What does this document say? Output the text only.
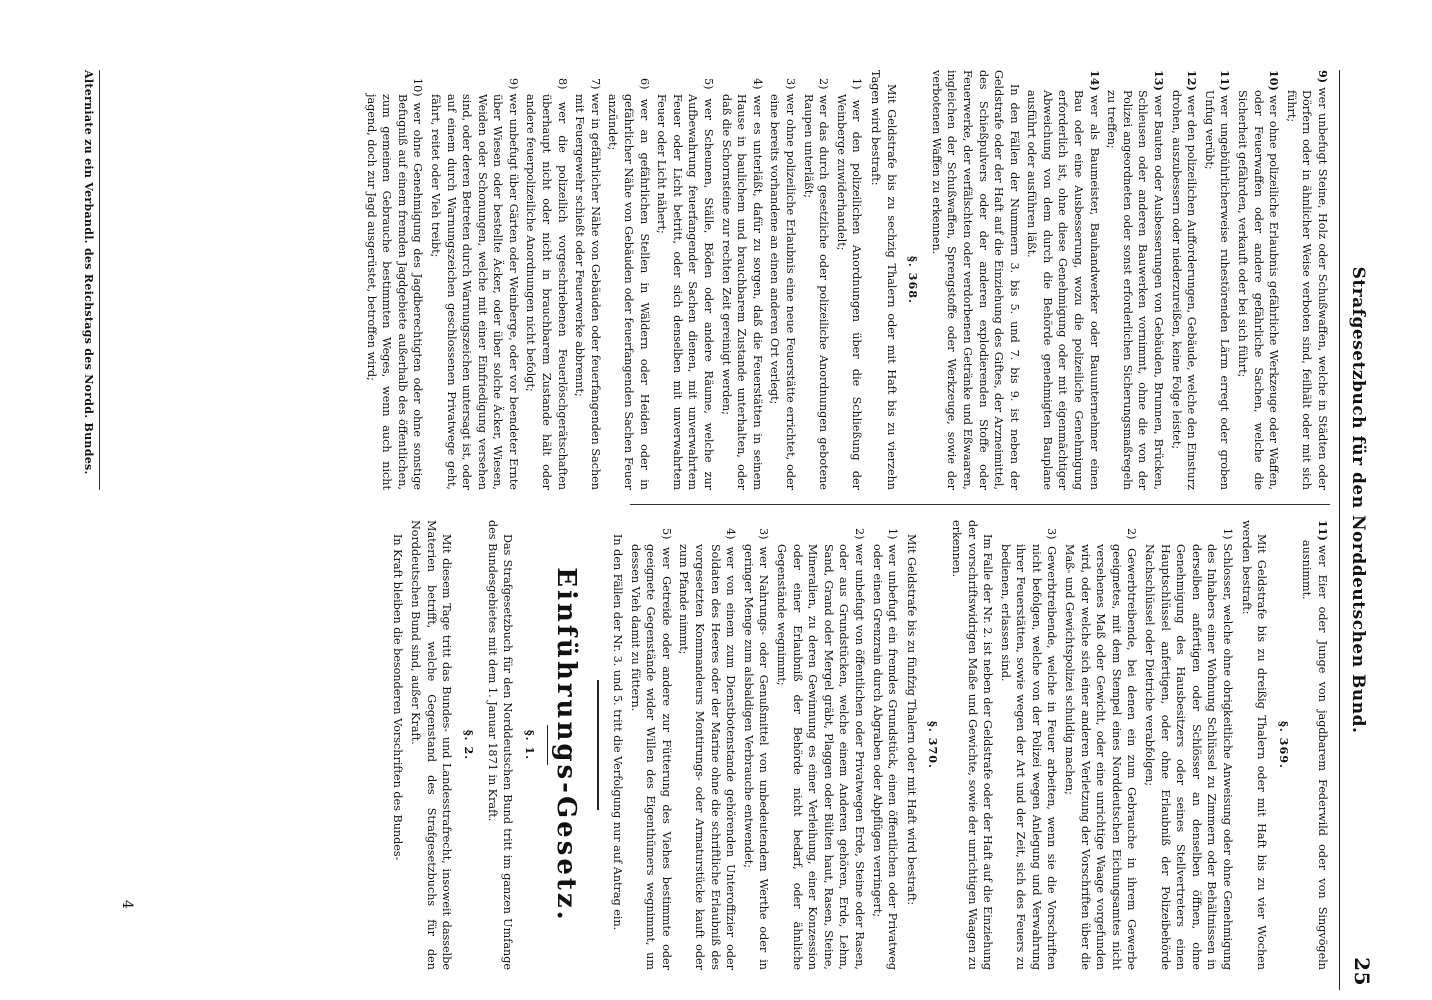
Strafgesetzbuch für den Norddeutschen Bund.
25
9)wer unbefugt Steine, Holz oder Schußwaffen, welche in Städten oder Dörfern oder in ähnlicher Weise verboten sind, feilhält oder mit sich führt;
10)wer ohne polizeiliche Erlaubnis gefährliche Werkzeuge oder Waffen, oder Feuerwaffen oder andere gefährliche Sachen, welche die Sicherheit gefährden, verkauft oder bei sich führt;
11)wer ungebührlicherweise ruhestörenden Lärm erregt oder groben Unfug verübt;
12)wer den polizeilichen Aufforderungen, Gebäude, welche den Einsturz drohen, auszubessern oder niederzureißen, keine Folge leistet;
13)wer Bauten oder Ausbesserungen von Gebäuden, Brunnen, Brücken, Schleusen oder anderen Bauwerken vornimmt, ohne die von der Polizei angeordneten oder sonst erforderlichen Sicherungsmaßregeln zu treffen;
14)wer als Baumeister, Bauhandwerker oder Bauunternehmer einen Bau oder eine Ausbesserung, wozu die polizeiliche Genehmigung erforderlich ist, ohne diese Genehmigung oder mit eigenmächtiger Abweichung von dem durch die Behörde genehmigten Bauplane ausführt oder ausführen läßt.

In den Fällen der Nummern 3. bis 5. und 7. bis 9. ist neben der Geldstrafe oder der Haft auf die Einziehung des Giftes, der Arzneimittel, des Schießpulvers oder der anderen explodierenden Stoffe oder Feuerwerke, der verfälschten oder verdorbenen Getränke und Eßwaaren, ingleichen der Schußwaffen, Sprengstoffe oder Werkzeuge, sowie der verbotenen Waffen zu erkennen.

§. 368.

Mit Geldstrafe bis zu sechzig Thalern oder mit Haft bis zu vierzehn Tagen wird bestraft:

1) wer den polizeilichen Anordnungen über die Schließung der Weinberge zuwiderhandelt;
2) wer das durch gesetzliche oder polizeiliche Anordnungen gebotene Raupen unterläßt;
3) wer ohne polizeiliche Erlaubnis eine neue Feuerstätte errichtet, oder eine bereits vorhandene an einen anderen Ort verlegt;
4) wer es unterläßt, dafür zu sorgen, daß die Feuerstätten in seinem Hause in baulichem und brauchbarem Zustande unterhalten, oder daß die Schornsteine zur rechten Zeit gereinigt werden;
5) wer Scheunen, Ställe, Böden oder andere Räume, welche zur Aufbewahrung feuerfangender Sachen dienen, mit unverwahrtem Feuer oder Licht betritt, oder sich denselben mit unverwahrtem Feuer oder Licht nähert;
6) wer an gefährlichen Stellen in Wäldern oder Heiden oder in gefährlicher Nähe von Gebäuden oder feuerfangenden Sachen Feuer anzündet;
7) wer in gefährlicher Nähe von Gebäuden oder feuerfangenden Sachen mit Feuergewehr schießt oder Feuerwerke abbrennt;
8) wer die polizeilich vorgeschriebenen Feuerlöschgerätschaften überhaupt nicht oder nicht in brauchbarem Zustande hält oder andere feuerpolizeiliche Anordnungen nicht befolgt;
9) wer unbefugt über Gärten oder Weinberge, oder vor beendeter Ernte über Wiesen oder bestellte Äcker, oder über solche Äcker, Wiesen, Weiden oder Schonungen, welche mit einer Einfriedigung versehen sind, oder deren Betreten durch Warnungszeichen untersagt ist, oder auf einem durch Warnungszeichen geschlossenen Privatwege geht, fährt, reitet oder Vieh treibt;
10) wer ohne Genehmigung des Jagdberechtigten oder ohne sonstige Befugniß auf einem fremden Jagdgebiete außerhalb des öffentlichen, zum gemeinen Gebrauche bestimmten Weges, wenn auch nicht jagend, doch zur Jagd ausgerüstet, betroffen wird;
11)wer Eier oder Junge von jagdbarem Federwild oder von Singvögeln ausnimmt.
§. 369.

Mit Geldstrafe bis zu dreißig Thalern oder mit Haft bis zu vier Wochen werden bestraft:

1) Schlosser, welche ohne obrigkeitliche Anweisung oder ohne Genehmigung des Inhabers einer Wohnung Schlüssel zu Zimmern oder Behältnissen in derselben anfertigen oder Schlösser an denselben öffnen, ohne Genehmigung des Hausbesitzers oder seines Stellvertreters einen Hauptschlüssel anfertigen, oder ohne Erlaubniß der Polizeibehörde Nachschlüssel oder Dietriche verabfolgen;
2) Gewerbtreibende, bei denen ein zum Gebrauche in ihrem Gewerbe geeignetes, mit dem Stempel eines Norddeutschen Eichungsamtes nicht versehenes Maß oder Gewicht, oder eine unrichtige Waage vorgefunden wird, oder welche sich einer anderen Verletzung der Vorschriften über die Maß- und Gewichtspolizei schuldig machen;
3) Gewerbtreibende, welche in Feuer arbeiten, wenn sie die Vorschriften nicht befolgen, welche von der Polizei wegen Anlegung und Verwahrung ihrer Feuerstätten, sowie wegen der Art und der Zeit, sich des Feuers zu bedienen, erlassen sind.

Im Falle der Nr. 2. ist neben der Geldstrafe oder der Haft auf die Einziehung der vorschriftswidrigen Maße und Gewichte, sowie der unrichtigen Waagen zu erkennen.

§. 370.

Mit Geldstrafe bis zu fünfzig Thalern oder mit Haft wird bestraft:

1) wer unbefugt ein fremdes Grundstück, einen öffentlichen oder Privatweg oder einen Grenzrain durch Abgraben oder Abpflügen verringert;
2) wer unbefugt von öffentlichen oder Privatwegen Erde, Steine oder Rasen, oder aus Grundstücken, welche einem Anderen gehören, Erde, Lehm, Sand, Grand oder Mergel gräbt, Plaggen oder Bülten haut, Rasen, Steine, Mineralien, zu deren Gewinnung es einer Verleihung, einer Konzession oder einer Erlaubniß der Behörde nicht bedarf, oder ähnliche Gegenstände wegnimmt;
3) wer Nahrungs- oder Genußmittel von unbedeutendem Werthe oder in geringer Menge zum alsbaldigen Verbrauche entwendet;
4) wer von einem zum Dienstbotenstande gehörenden Unteroffizier oder Soldaten des Heeres oder der Marine ohne die schriftliche Erlaubniß des vorgesetzten Kommandeurs Montirungs- oder Armaturstücke kauft oder zum Pfande nimmt;
5) wer Getreide oder andere zur Fütterung des Viehes bestimmte oder geeignete Gegenstände wider Willen des Eigenthümers wegnimmt, um dessen Vieh damit zu füttern.

In den Fällen der Nr. 3. und 5. tritt die Verfolgung nur auf Antrag ein.

Einführungs-Gesetz.
§. 1.

Das Strafgesetzbuch für den Norddeutschen Bund tritt im ganzen Umfange des Bundesgebietes mit dem 1. Januar 1871 in Kraft.

§. 2.

Mit diesem Tage tritt das Bundes- und Landesstrafrecht, insoweit dasselbe Materien betrifft, welche Gegenstand des Strafgesetzbuchs für den Norddeutschen Bund sind, außer Kraft.

In Kraft bleiben die besonderen Vorschriften des Bundes-

Alterniate zu ein Verbandl. des Reichstags des Nordd. Bundes.
4
